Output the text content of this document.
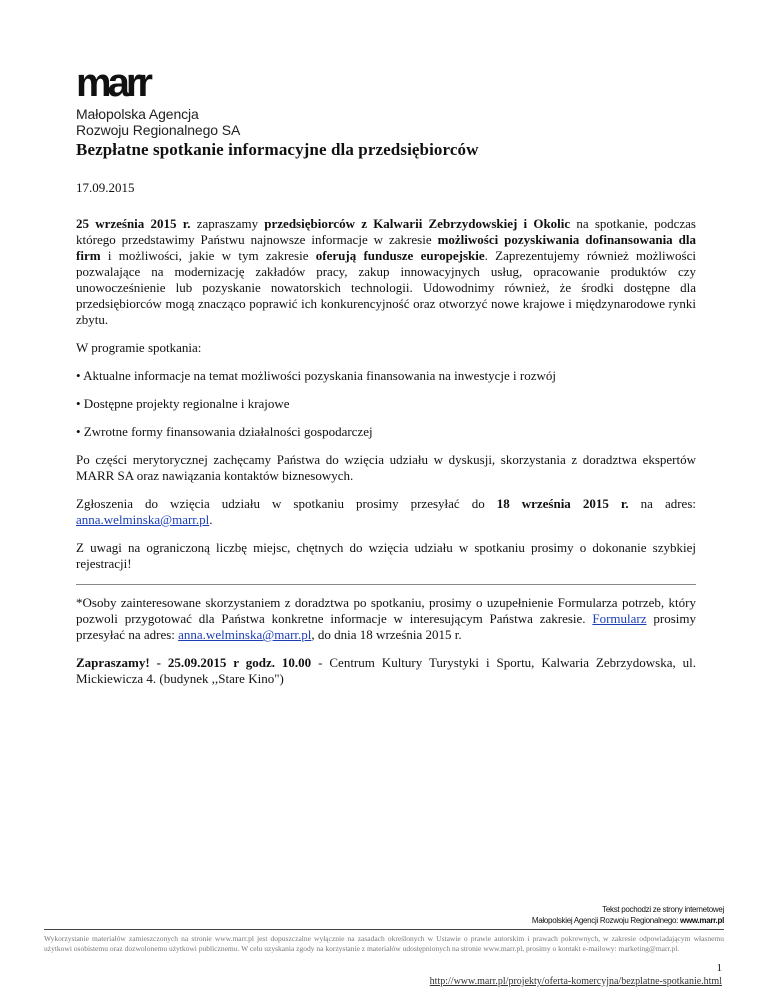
marr
Małopolska Agencja
Rozwoju Regionalnego SA
Bezpłatne spotkanie informacyjne dla przedsiębiorców
17.09.2015

25 września 2015 r. zapraszamy przedsiębiorców z Kalwarii Zebrzydowskiej i Okolic na spotkanie, podczas którego przedstawimy Państwu najnowsze informacje w zakresie możliwości pozyskiwania dofinansowania dla firm i możliwości, jakie w tym zakresie oferują fundusze europejskie. Zaprezentujemy również możliwości pozwalające na modernizację zakładów pracy, zakup innowacyjnych usług, opracowanie produktów czy unowocześnienie lub pozyskanie nowatorskich technologii. Udowodnimy również, że środki dostępne dla przedsiębiorców mogą znacząco poprawić ich konkurencyjność oraz otworzyć nowe krajowe i międzynarodowe rynki zbytu.

W programie spotkania:

• Aktualne informacje na temat możliwości pozyskania finansowania na inwestycje i rozwój

• Dostępne projekty regionalne i krajowe

• Zwrotne formy finansowania działalności gospodarczej

Po części merytorycznej zachęcamy Państwa do wzięcia udziału w dyskusji, skorzystania z doradztwa ekspertów MARR SA oraz nawiązania kontaktów biznesowych.

Zgłoszenia do wzięcia udziału w spotkaniu prosimy przesyłać do 18 września 2015 r. na adres: anna.welminska@marr.pl.

Z uwagi na ograniczoną liczbę miejsc, chętnych do wzięcia udziału w spotkaniu prosimy o dokonanie szybkiej rejestracji!

*Osoby zainteresowane skorzystaniem z doradztwa po spotkaniu, prosimy o uzupełnienie Formularza potrzeb, który pozwoli przygotować dla Państwa konkretne informacje w interesującym Państwa zakresie. Formularz prosimy przesyłać na adres: anna.welminska@marr.pl, do dnia 18 września 2015 r.

Zapraszamy! - 25.09.2015 r godz. 10.00 - Centrum Kultury Turystyki i Sportu, Kalwaria Zebrzydowska, ul. Mickiewicza 4. (budynek ,,Stare Kino")

Tekst pochodzi ze strony internetowej
Małopolskiej Agencji Rozwoju Regionalnego: www.marr.pl
Wykorzystanie materiałów zamieszczonych na stronie www.marr.pl jest dopuszczalne wyłącznie na zasadach określonych w Ustawie o prawie autorskim i prawach pokrewnych, w zakresie odpowiadającym własnemu użytkowi osobistemu oraz dozwolonemu użytkowi publicznemu. W celu uzyskania zgody na korzystanie z materiałów udostępnionych na stronie www.marr.pl, prosimy o kontakt e-mailowy: marketing@marr.pl.
1
http://www.marr.pl/projekty/oferta-komercyjna/bezplatne-spotkanie.html
